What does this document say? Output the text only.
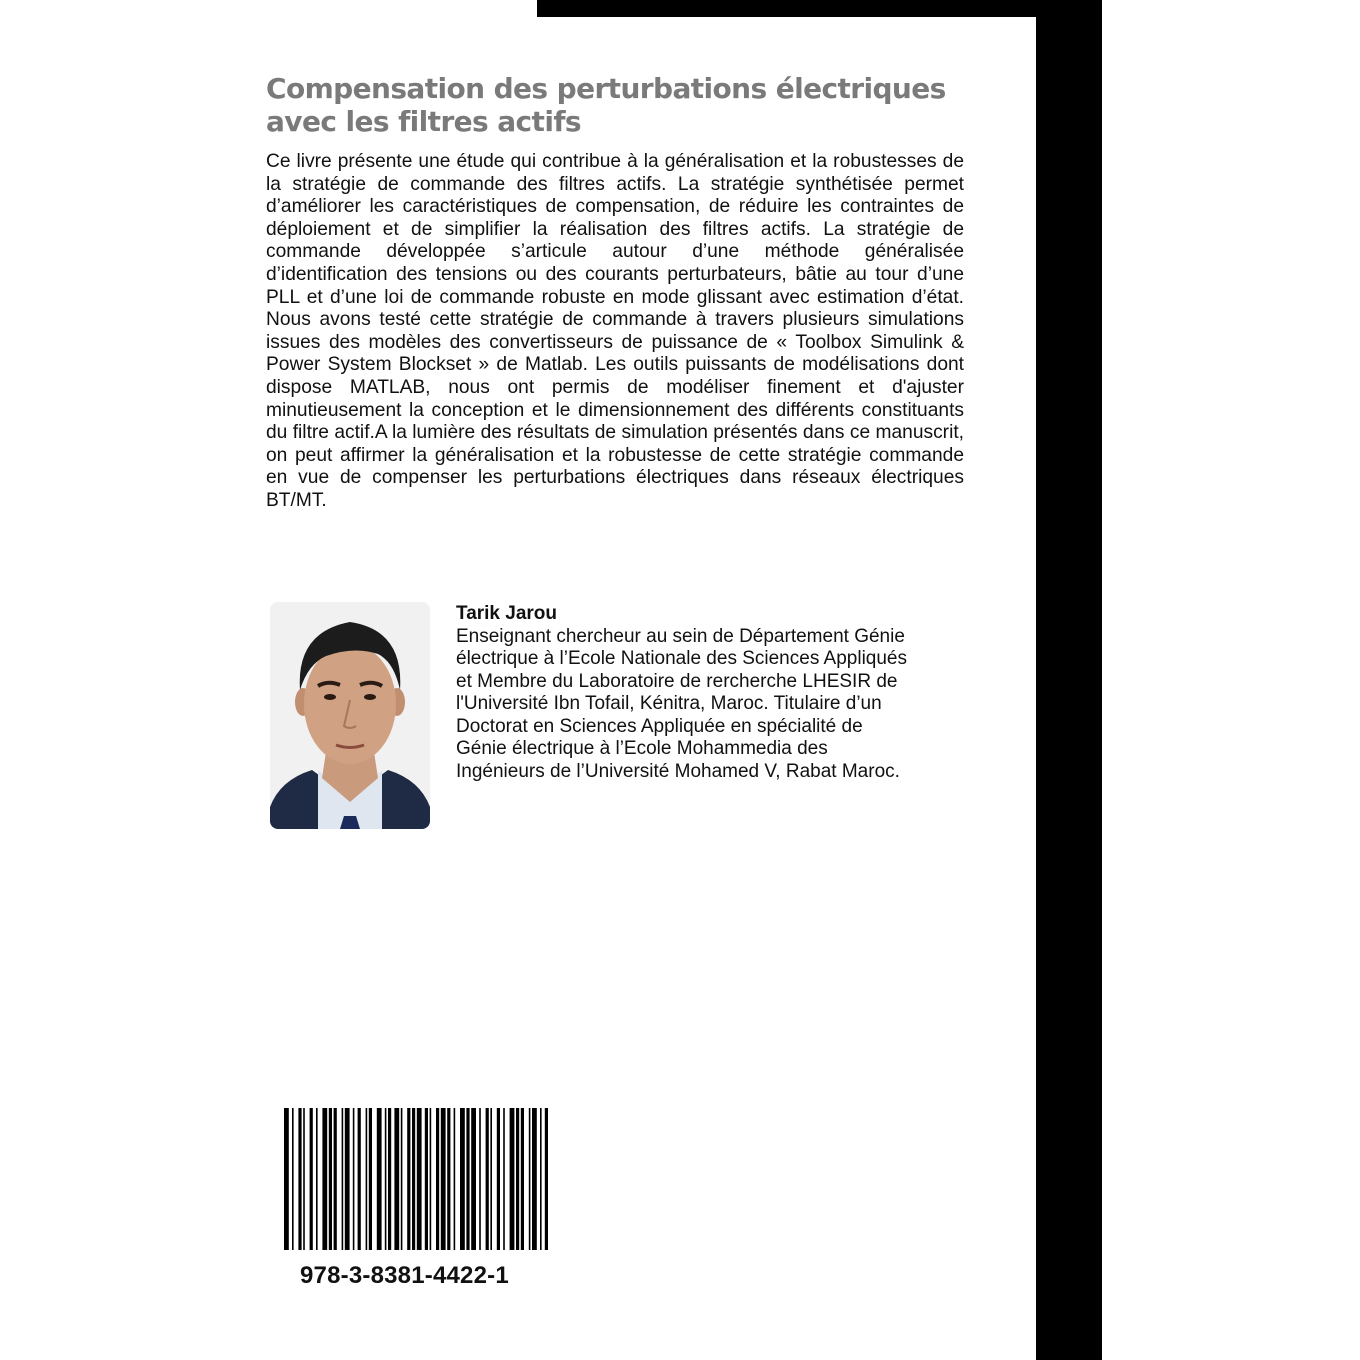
Compensation des perturbations électriques
avec les filtres actifs

Ce livre présente une étude qui contribue à la généralisation et la robustesses de la stratégie de commande des filtres actifs. La stratégie synthétisée permet d’améliorer les caractéristiques de compensation, de réduire les contraintes de déploiement et de simplifier la réalisation des filtres actifs. La stratégie de commande développée s’articule autour d’une méthode généralisée d’identification des tensions ou des courants perturbateurs, bâtie au tour d’une PLL et d’une loi de commande robuste en mode glissant avec estimation d’état. Nous avons testé cette stratégie de commande à travers plusieurs simulations issues des modèles des convertisseurs de puissance de « Toolbox Simulink & Power System Blockset » de Matlab. Les outils puissants de modélisations dont dispose MATLAB, nous ont permis de modéliser finement et d'ajuster minutieusement la conception et le dimensionnement des différents constituants du filtre actif.A la lumière des résultats de simulation présentés dans ce manuscrit, on peut affirmer la généralisation et la robustesse de cette stratégie commande en vue de compenser les perturbations électriques dans réseaux électriques BT/MT.

Tarik Jarou

Enseignant chercheur au sein de Département Génie
électrique à l’Ecole Nationale des Sciences Appliqués
et Membre du Laboratoire de rercherche LHESIR de
l'Université Ibn Tofail, Kénitra, Maroc. Titulaire d’un
Doctorat en Sciences Appliquée en spécialité de
Génie électrique à l’Ecole Mohammedia des
Ingénieurs de l’Université Mohamed V, Rabat Maroc.

978-3-8381-4422-1
